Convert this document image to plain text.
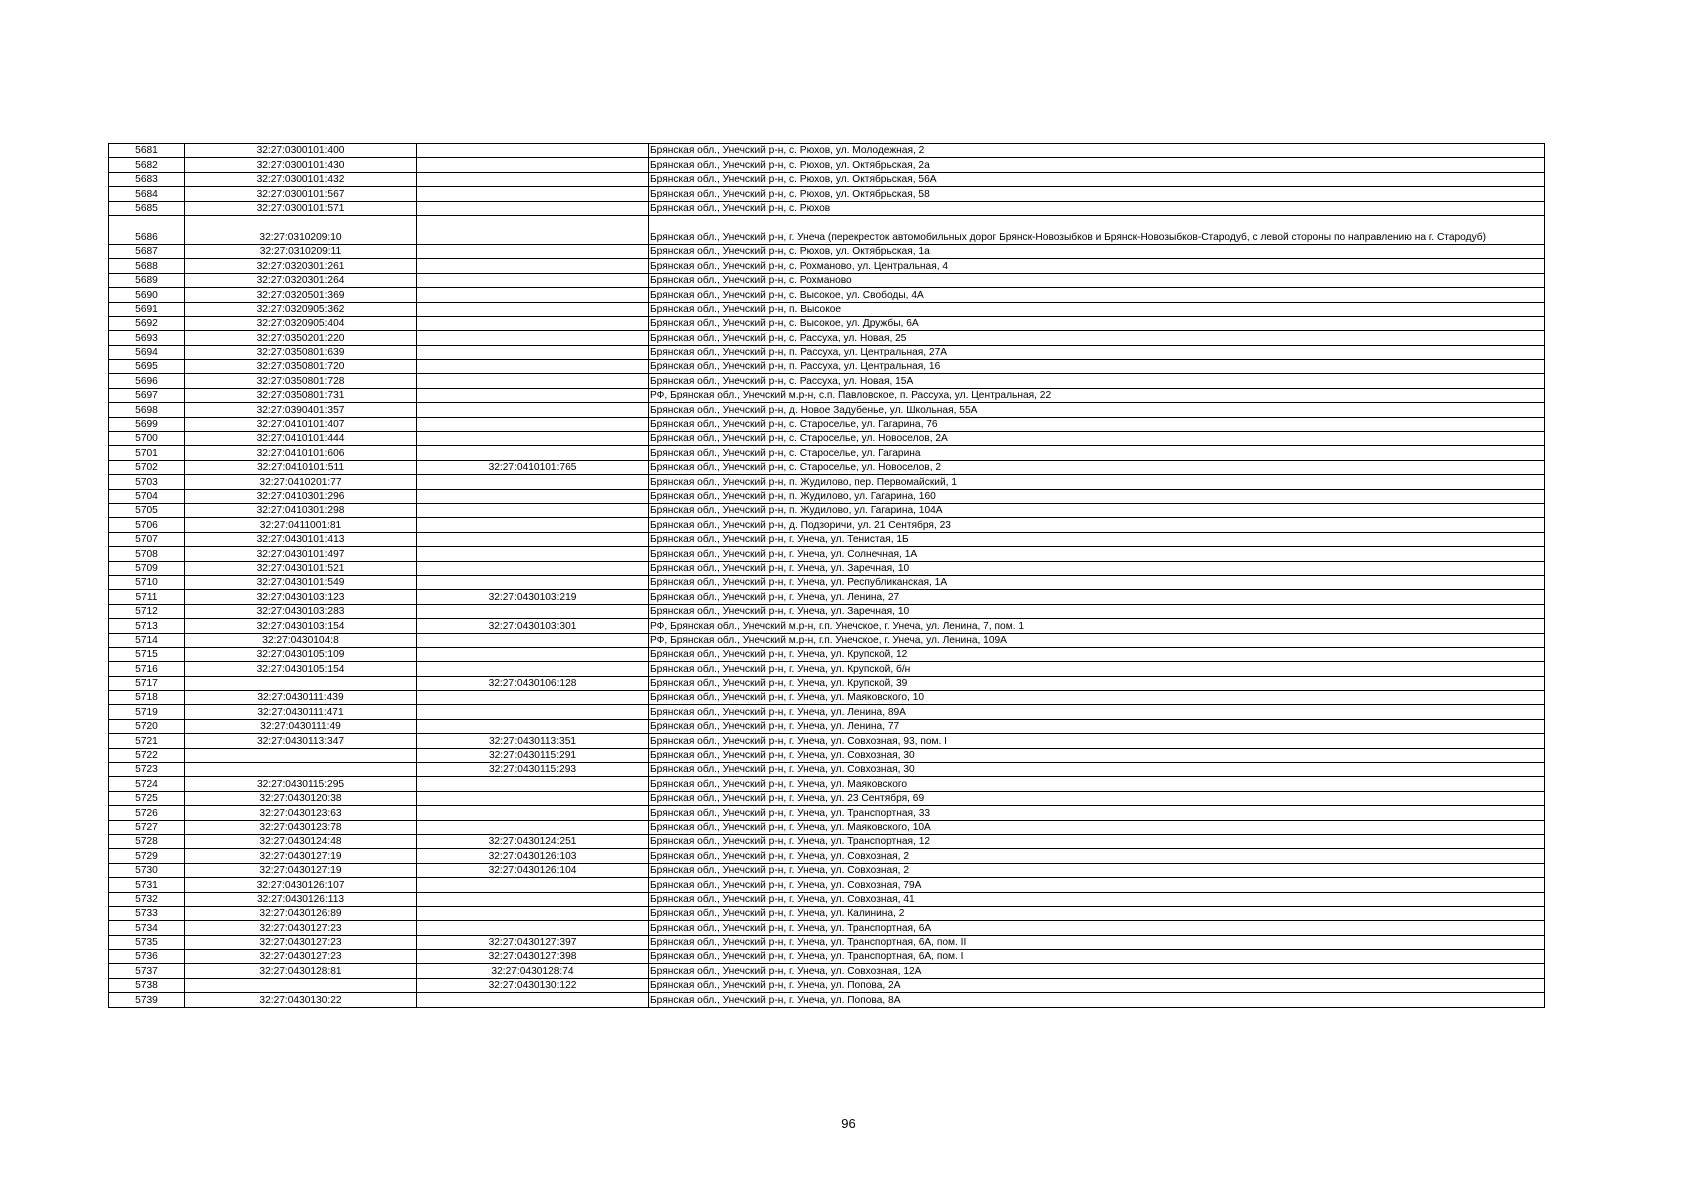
5681	32:27:0300101:400		Брянская обл., Унечский р-н, с. Рюхов, ул. Молодежная, 2
5682	32:27:0300101:430		Брянская обл., Унечский р-н, с. Рюхов, ул. Октябрьская, 2а
5683	32:27:0300101:432		Брянская обл., Унечский р-н, с. Рюхов, ул. Октябрьская, 56А
5684	32:27:0300101:567		Брянская обл., Унечский р-н, с. Рюхов, ул. Октябрьская, 58
5685	32:27:0300101:571		Брянская обл., Унечский р-н, с. Рюхов
5686	32:27:0310209:10		Брянская обл., Унечский р-н, г. Унеча (перекресток автомобильных дорог Брянск-Новозыбков и Брянск-Новозыбков-Стародуб, с левой стороны по направлению на г. Стародуб)
5687	32:27:0310209:11		Брянская обл., Унечский р-н, с. Рюхов, ул. Октябрьская, 1а
5688	32:27:0320301:261		Брянская обл., Унечский р-н, с. Рохманово, ул. Центральная, 4
5689	32:27:0320301:264		Брянская обл., Унечский р-н, с. Рохманово
5690	32:27:0320501:369		Брянская обл., Унечский р-н, с. Высокое, ул. Свободы, 4А
5691	32:27:0320905:362		Брянская обл., Унечский р-н, п. Высокое
5692	32:27:0320905:404		Брянская обл., Унечский р-н, с. Высокое, ул. Дружбы, 6А
5693	32:27:0350201:220		Брянская обл., Унечский р-н, с. Рассуха, ул. Новая, 25
5694	32:27:0350801:639		Брянская обл., Унечский р-н, п. Рассуха, ул. Центральная, 27А
5695	32:27:0350801:720		Брянская обл., Унечский р-н, п. Рассуха, ул. Центральная, 16
5696	32:27:0350801:728		Брянская обл., Унечский р-н, с. Рассуха, ул. Новая, 15А
5697	32:27:0350801:731		РФ, Брянская обл., Унечский м.р-н, с.п. Павловское, п. Рассуха, ул. Центральная, 22
5698	32:27:0390401:357		Брянская обл., Унечский р-н, д. Новое Задубенье, ул. Школьная, 55А
5699	32:27:0410101:407		Брянская обл., Унечский р-н, с. Староселье, ул. Гагарина, 76
5700	32:27:0410101:444		Брянская обл., Унечский р-н, с. Староселье, ул. Новоселов, 2А
5701	32:27:0410101:606		Брянская обл., Унечский р-н, с. Староселье, ул. Гагарина
5702	32:27:0410101:511	32:27:0410101:765	Брянская обл., Унечский р-н, с. Староселье, ул. Новоселов, 2
5703	32:27:0410201:77		Брянская обл., Унечский р-н, п. Жудилово, пер. Первомайский, 1
5704	32:27:0410301:296		Брянская обл., Унечский р-н, п. Жудилово, ул. Гагарина, 160
5705	32:27:0410301:298		Брянская обл., Унечский р-н, п. Жудилово, ул. Гагарина, 104А
5706	32:27:0411001:81		Брянская обл., Унечский р-н, д. Подзоричи, ул. 21 Сентября, 23
5707	32:27:0430101:413		Брянская обл., Унечский р-н, г. Унеча, ул. Тенистая, 1Б
5708	32:27:0430101:497		Брянская обл., Унечский р-н, г. Унеча, ул. Солнечная, 1А
5709	32:27:0430101:521		Брянская обл., Унечский р-н, г. Унеча, ул. Заречная, 10
5710	32:27:0430101:549		Брянская обл., Унечский р-н, г. Унеча, ул. Республиканская, 1А
5711	32:27:0430103:123	32:27:0430103:219	Брянская обл., Унечский р-н, г. Унеча, ул. Ленина, 27
5712	32:27:0430103:283		Брянская обл., Унечский р-н, г. Унеча, ул. Заречная, 10
5713	32:27:0430103:154	32:27:0430103:301	РФ, Брянская обл., Унечский м.р-н, г.п. Унечское, г. Унеча, ул. Ленина, 7, пом. 1
5714	32:27:0430104:8		РФ, Брянская обл., Унечский м.р-н, г.п. Унечское, г. Унеча, ул. Ленина, 109А
5715	32:27:0430105:109		Брянская обл., Унечский р-н, г. Унеча, ул. Крупской, 12
5716	32:27:0430105:154		Брянская обл., Унечский р-н, г. Унеча, ул. Крупской, б/н
5717		32:27:0430106:128	Брянская обл., Унечский р-н, г. Унеча, ул. Крупской, 39
5718	32:27:0430111:439		Брянская обл., Унечский р-н, г. Унеча, ул. Маяковского, 10
5719	32:27:0430111:471		Брянская обл., Унечский р-н, г. Унеча, ул. Ленина, 89А
5720	32:27:0430111:49		Брянская обл., Унечский р-н, г. Унеча, ул. Ленина, 77
5721	32:27:0430113:347	32:27:0430113:351	Брянская обл., Унечский р-н, г. Унеча, ул. Совхозная, 93, пом. I
5722		32:27:0430115:291	Брянская обл., Унечский р-н, г. Унеча, ул. Совхозная, 30
5723		32:27:0430115:293	Брянская обл., Унечский р-н, г. Унеча, ул. Совхозная, 30
5724	32:27:0430115:295		Брянская обл., Унечский р-н, г. Унеча, ул. Маяковского
5725	32:27:0430120:38		Брянская обл., Унечский р-н, г. Унеча, ул. 23 Сентября, 69
5726	32:27:0430123:63		Брянская обл., Унечский р-н, г. Унеча, ул. Транспортная, 33
5727	32:27:0430123:78		Брянская обл., Унечский р-н, г. Унеча, ул. Маяковского, 10А
5728	32:27:0430124:48	32:27:0430124:251	Брянская обл., Унечский р-н, г. Унеча, ул. Транспортная, 12
5729	32:27:0430127:19	32:27:0430126:103	Брянская обл., Унечский р-н, г. Унеча, ул. Совхозная, 2
5730	32:27:0430127:19	32:27:0430126:104	Брянская обл., Унечский р-н, г. Унеча, ул. Совхозная, 2
5731	32:27:0430126:107		Брянская обл., Унечский р-н, г. Унеча, ул. Совхозная, 79А
5732	32:27:0430126:113		Брянская обл., Унечский р-н, г. Унеча, ул. Совхозная, 41
5733	32:27:0430126:89		Брянская обл., Унечский р-н, г. Унеча, ул. Калинина, 2
5734	32:27:0430127:23		Брянская обл., Унечский р-н, г. Унеча, ул. Транспортная, 6А
5735	32:27:0430127:23	32:27:0430127:397	Брянская обл., Унечский р-н, г. Унеча, ул. Транспортная, 6А, пом. II
5736	32:27:0430127:23	32:27:0430127:398	Брянская обл., Унечский р-н, г. Унеча, ул. Транспортная, 6А, пом. I
5737	32:27:0430128:81	32:27:0430128:74	Брянская обл., Унечский р-н, г. Унеча, ул. Совхозная, 12А
5738		32:27:0430130:122	Брянская обл., Унечский р-н, г. Унеча, ул. Попова, 2А
5739	32:27:0430130:22		Брянская обл., Унечский р-н, г. Унеча, ул. Попова, 8А
96
